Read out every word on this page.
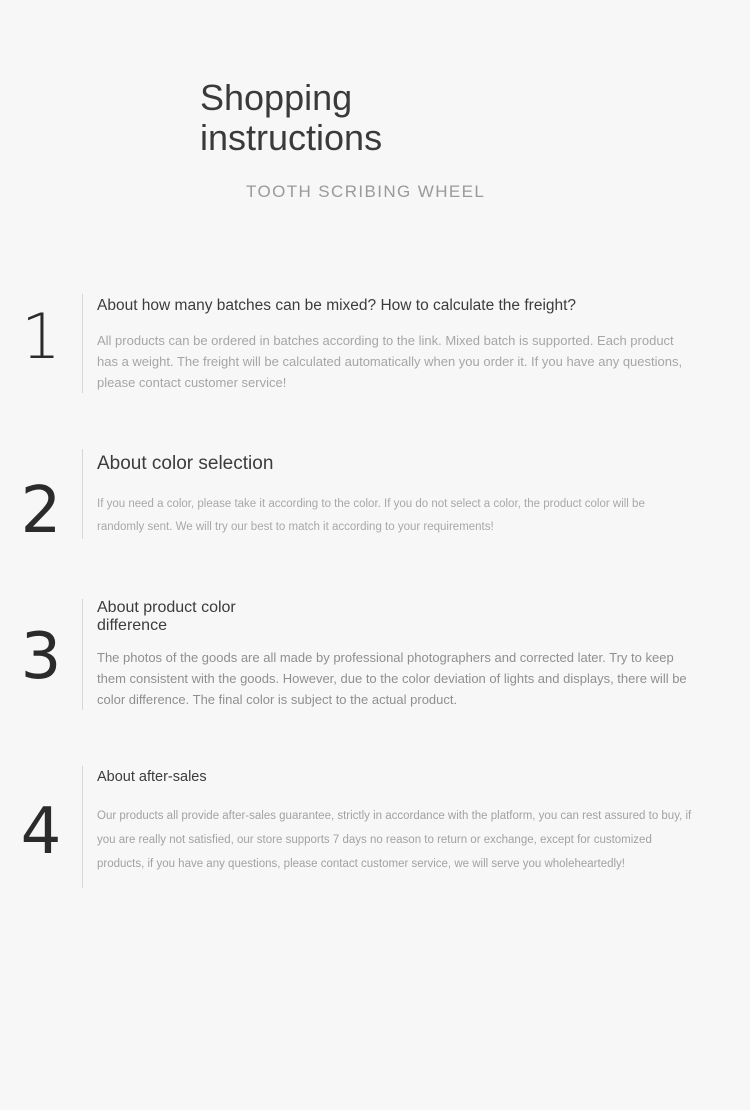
Shopping instructions
TOOTH SCRIBING WHEEL
1	About how many batches can be mixed? How to calculate the freight?

All products can be ordered in batches according to the link. Mixed batch is supported. Each product has a weight. The freight will be calculated automatically when you order it. If you have any questions, please contact customer service!

2

About color selection

If you need a color, please take it according to the color. If you do not select a color, the product color will be randomly sent. We will try our best to match it according to your requirements!

3

About product color difference

The photos of the goods are all made by professional photographers and corrected later. Try to keep them consistent with the goods. However, due to the color deviation of lights and displays, there will be color difference. The final color is subject to the actual product.

4

About after-sales

Our products all provide after-sales guarantee, strictly in accordance with the platform, you can rest assured to buy, if you are really not satisfied, our store supports 7 days no reason to return or exchange, except for customized products, if you have any questions, please contact customer service, we will serve you wholeheartedly!
